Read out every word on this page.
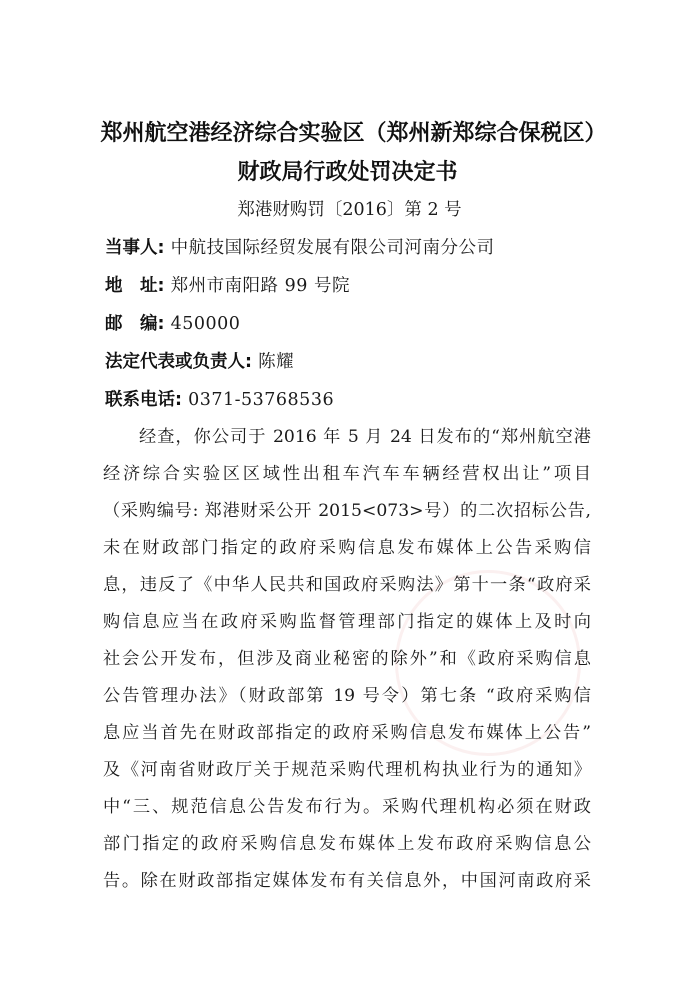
郑州航空港经济综合实验区（郑州新郑综合保税区）
财政局行政处罚决定书
郑港财购罚〔2016〕第 2 号
当事人: 中航技国际经贸发展有限公司河南分公司
地　址: 郑州市南阳路 99 号院
邮　编: 450000
法定代表或负责人: 陈耀
联系电话: 0371-53768536
经查，你公司于 2016 年 5 月 24 日发布的“郑州航空港
经济综合实验区区域性出租车汽车车辆经营权出让”项目
（采购编号: 郑港财采公开 2015<073>号）的二次招标公告,
未在财政部门指定的政府采购信息发布媒体上公告采购信
息，违反了《中华人民共和国政府采购法》第十一条“政府采
购信息应当在政府采购监督管理部门指定的媒体上及时向
社会公开发布，但涉及商业秘密的除外”和《政府采购信息
公告管理办法》（财政部第 19 号令）第七条 “政府采购信
息应当首先在财政部指定的政府采购信息发布媒体上公告”
及《河南省财政厅关于规范采购代理机构执业行为的通知》
中“三、规范信息公告发布行为。采购代理机构必须在财政
部门指定的政府采购信息发布媒体上发布政府采购信息公
告。除在财政部指定媒体发布有关信息外，中国河南政府采
